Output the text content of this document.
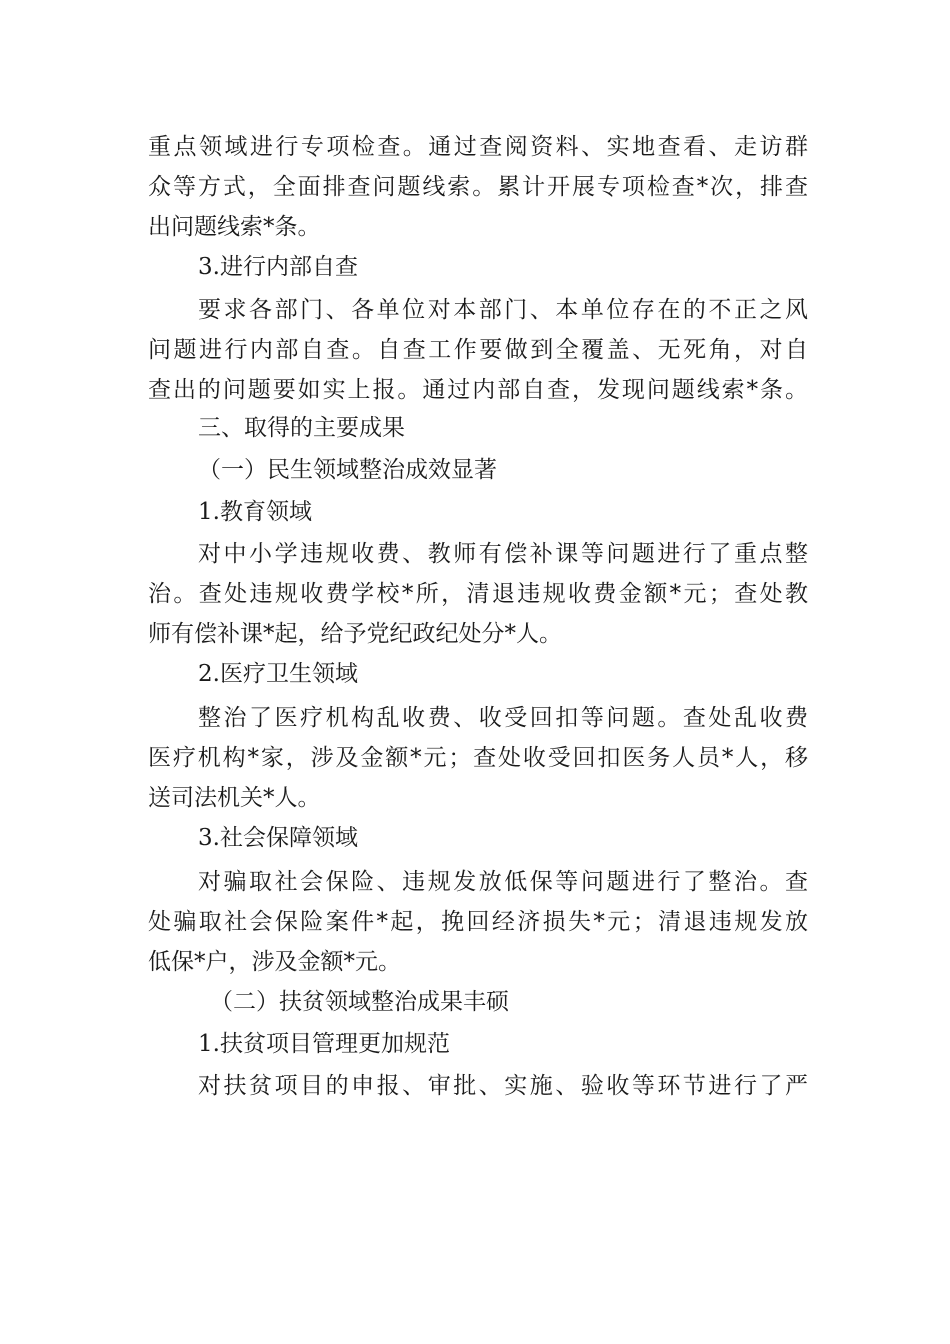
重点领域进行专项检查。通过查阅资料、实地查看、走访群
众等方式，全面排查问题线索。累计开展专项检查*次，排查
出问题线索*条。
3.进行内部自查
要求各部门、各单位对本部门、本单位存在的不正之风
问题进行内部自查。自查工作要做到全覆盖、无死角，对自
查出的问题要如实上报。通过内部自查，发现问题线索*条。
三、取得的主要成果
（一）民生领域整治成效显著
1.教育领域
对中小学违规收费、教师有偿补课等问题进行了重点整
治。查处违规收费学校*所，清退违规收费金额*元；查处教
师有偿补课*起，给予党纪政纪处分*人。
2.医疗卫生领域
整治了医疗机构乱收费、收受回扣等问题。查处乱收费
医疗机构*家，涉及金额*元；查处收受回扣医务人员*人，移
送司法机关*人。
3.社会保障领域
对骗取社会保险、违规发放低保等问题进行了整治。查
处骗取社会保险案件*起，挽回经济损失*元；清退违规发放
低保*户，涉及金额*元。
（二）扶贫领域整治成果丰硕
1.扶贫项目管理更加规范
对扶贫项目的申报、审批、实施、验收等环节进行了严
